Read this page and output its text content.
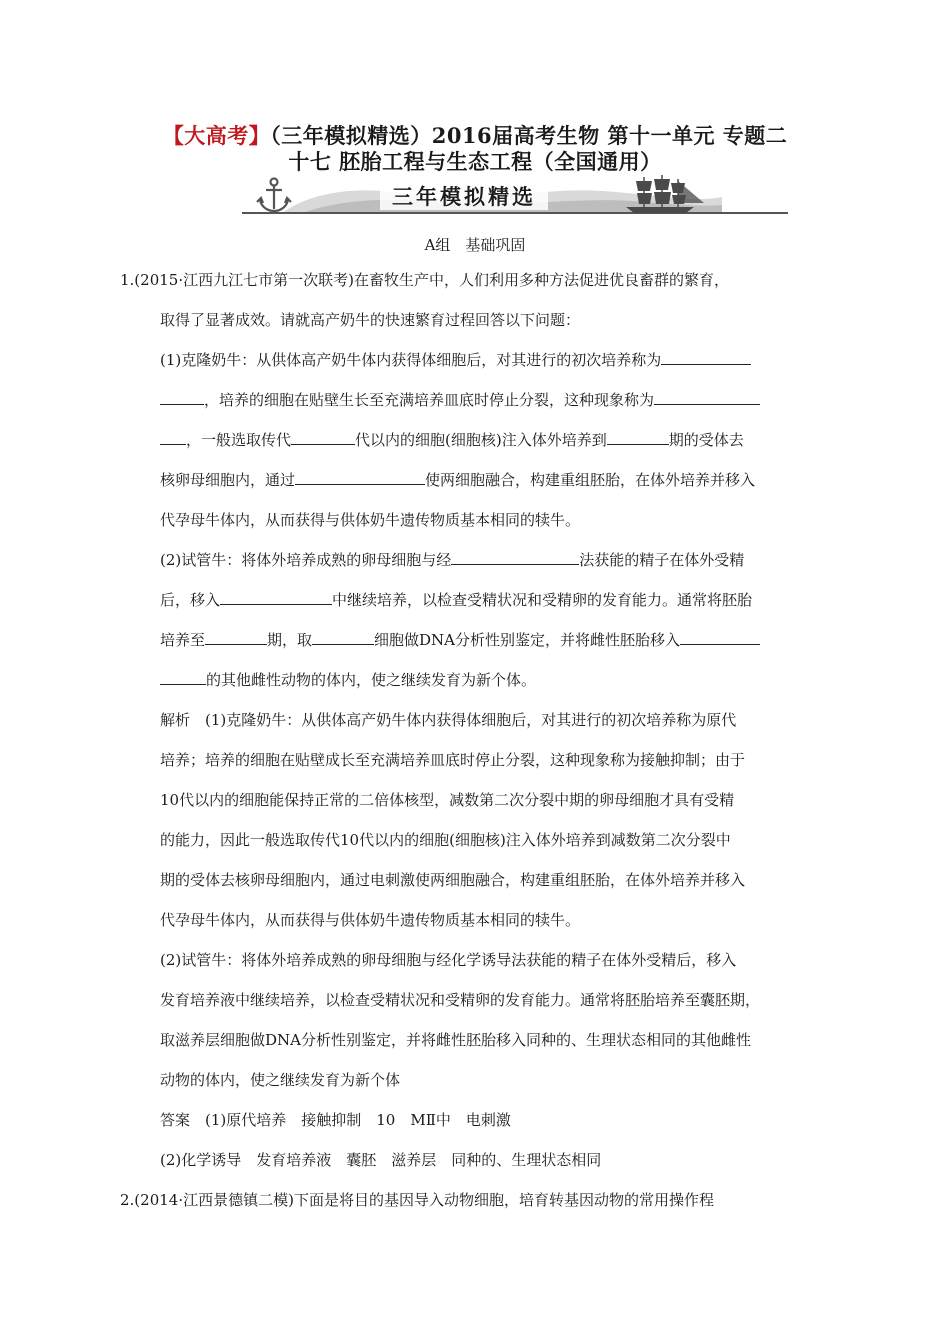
【大高考】（三年模拟精选）2016届高考生物 第十一单元 专题二
十七 胚胎工程与生态工程（全国通用）
三年模拟精选
A组　基础巩固
1.(2015·江西九江七市第一次联考)在畜牧生产中，人们利用多种方法促进优良畜群的繁育，
取得了显著成效。请就高产奶牛的快速繁育过程回答以下问题：
(1)克隆奶牛：从供体高产奶牛体内获得体细胞后，对其进行的初次培养称为
，培养的细胞在贴壁生长至充满培养皿底时停止分裂，这种现象称为
，一般选取传代	代以内的细胞(细胞核)注入体外培养到	期的受体去
核卵母细胞内，通过	使两细胞融合，构建重组胚胎，在体外培养并移入
代孕母牛体内，从而获得与供体奶牛遗传物质基本相同的犊牛。
(2)试管牛：将体外培养成熟的卵母细胞与经	法获能的精子在体外受精
后，移入	中继续培养，以检查受精状况和受精卵的发育能力。通常将胚胎
培养至	期，取	细胞做DNA分析性别鉴定，并将雌性胚胎移入
的其他雌性动物的体内，使之继续发育为新个体。
解析　(1)克隆奶牛：从供体高产奶牛体内获得体细胞后，对其进行的初次培养称为原代
培养；培养的细胞在贴壁成长至充满培养皿底时停止分裂，这种现象称为接触抑制；由于
10代以内的细胞能保持正常的二倍体核型，减数第二次分裂中期的卵母细胞才具有受精
的能力，因此一般选取传代10代以内的细胞(细胞核)注入体外培养到减数第二次分裂中
期的受体去核卵母细胞内，通过电刺激使两细胞融合，构建重组胚胎，在体外培养并移入
代孕母牛体内，从而获得与供体奶牛遗传物质基本相同的犊牛。
(2)试管牛：将体外培养成熟的卵母细胞与经化学诱导法获能的精子在体外受精后，移入
发育培养液中继续培养，以检查受精状况和受精卵的发育能力。通常将胚胎培养至囊胚期，
取滋养层细胞做DNA分析性别鉴定，并将雌性胚胎移入同种的、生理状态相同的其他雌性
动物的体内，使之继续发育为新个体
答案　(1)原代培养　接触抑制　10　MⅡ中　电刺激
(2)化学诱导　发育培养液　囊胚　滋养层　同种的、生理状态相同
2.(2014·江西景德镇二模)下面是将目的基因导入动物细胞，培育转基因动物的常用操作程
